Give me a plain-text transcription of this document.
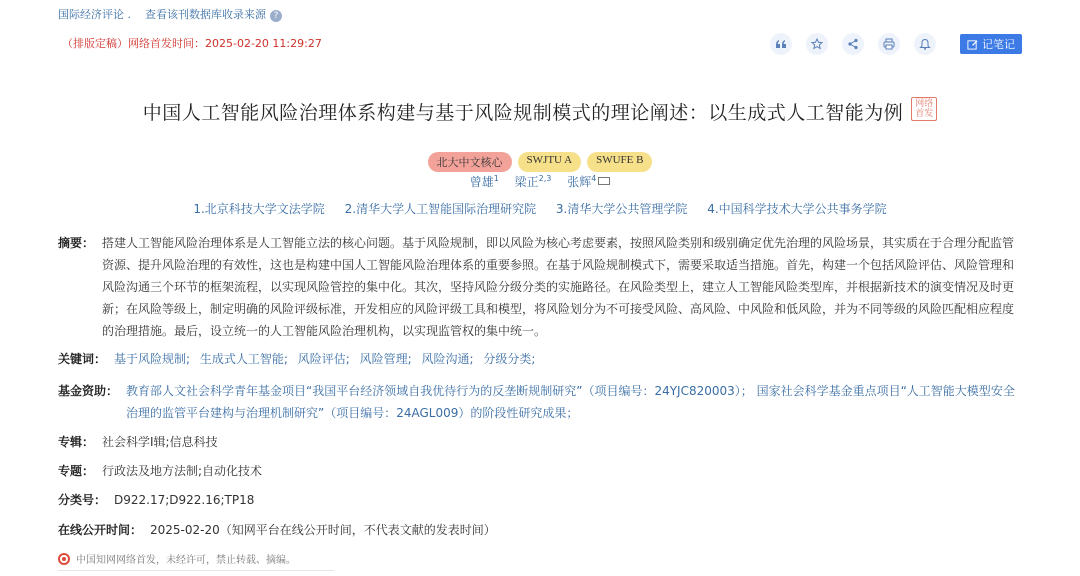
国际经济评论 . 查看该刊数据库收录来源 ?
（排版定稿）网络首发时间：2025-02-20 11:29:27	记笔记
中国人工智能风险治理体系构建与基于风险规制模式的理论阐述：以生成式人工智能为例 网络首发
北大中文核心	SWJTU A	SWUFE B
曾雄$^1$ 梁正$^{2,3}$ 张辉$^4$
1.北京科技大学文法学院 2.清华大学人工智能国际治理研究院 3.清华大学公共管理学院 4.中国科学技术大学公共事务学院
摘要： 搭建人工智能风险治理体系是人工智能立法的核心问题。基于风险规制，即以风险为核心考虑要素，按照风险类别和级别确定优先治理的风险场景，其实质在于合理分配监管资源、提升风险治理的有效性，这也是构建中国人工智能风险治理体系的重要参照。在基于风险规制模式下，需要采取适当措施。首先，构建一个包括风险评估、风险管理和风险沟通三个环节的框架流程，以实现风险管控的集中化。其次，坚持风险分级分类的实施路径。在风险类型上，建立人工智能风险类型库，并根据新技术的演变情况及时更新；在风险等级上，制定明确的风险评级标准，开发相应的风险评级工具和模型，将风险划分为不可接受风险、高风险、中风险和低风险，并为不同等级的风险匹配相应程度的治理措施。最后，设立统一的人工智能风险治理机构，以实现监管权的集中统一。
关键词： 基于风险规制; 生成式人工智能; 风险评估; 风险管理; 风险沟通; 分级分类;
基金资助： 教育部人文社会科学青年基金项目“我国平台经济领域自我优待行为的反垄断规制研究”（项目编号：24YJC820003）； 国家社会科学基金重点项目“人工智能大模型安全治理的监管平台建构与治理机制研究”（项目编号：24AGL009）的阶段性研究成果；
专辑： 社会科学Ⅰ辑;信息科技
专题： 行政法及地方法制;自动化技术
分类号： D922.17;D922.16;TP18
在线公开时间： 2025-02-20（知网平台在线公开时间，不代表文献的发表时间）
中国知网网络首发，未经许可，禁止转载、摘编。
